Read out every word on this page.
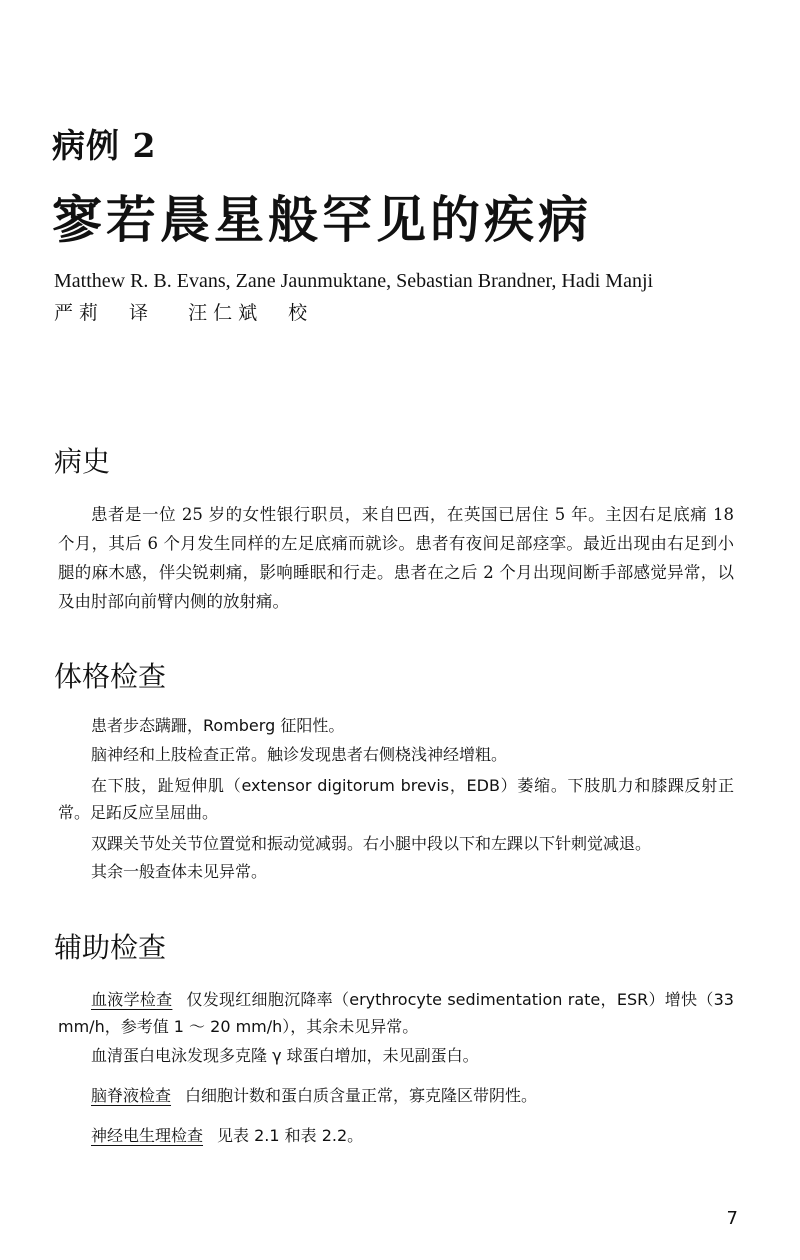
病例 2
寥若晨星般罕见的疾病
Matthew R. B. Evans, Zane Jaunmuktane, Sebastian Brandner, Hadi Manji
严莉　译 汪仁斌　校
病史

患者是一位 25 岁的女性银行职员，来自巴西，在英国已居住 5 年。主因右足底痛 18 个月，其后 6 个月发生同样的左足底痛而就诊。患者有夜间足部痉挛。最近出现由右足到小腿的麻木感，伴尖锐刺痛，影响睡眠和行走。患者在之后 2 个月出现间断手部感觉异常，以及由肘部向前臂内侧的放射痛。

体格检查

患者步态蹒跚，Romberg 征阳性。

脑神经和上肢检查正常。触诊发现患者右侧桡浅神经增粗。

在下肢，趾短伸肌（extensor digitorum brevis，EDB）萎缩。下肢肌力和膝踝反射正常。足跖反应呈屈曲。

双踝关节处关节位置觉和振动觉减弱。右小腿中段以下和左踝以下针刺觉减退。

其余一般查体未见异常。

辅助检查

血液学检查 仅发现红细胞沉降率（erythrocyte sedimentation rate，ESR）增快（33 mm/h，参考值 1 ～ 20 mm/h），其余未见异常。

血清蛋白电泳发现多克隆 γ 球蛋白增加，未见副蛋白。

脑脊液检查 白细胞计数和蛋白质含量正常，寡克隆区带阴性。

神经电生理检查 见表 2.1 和表 2.2。

7
